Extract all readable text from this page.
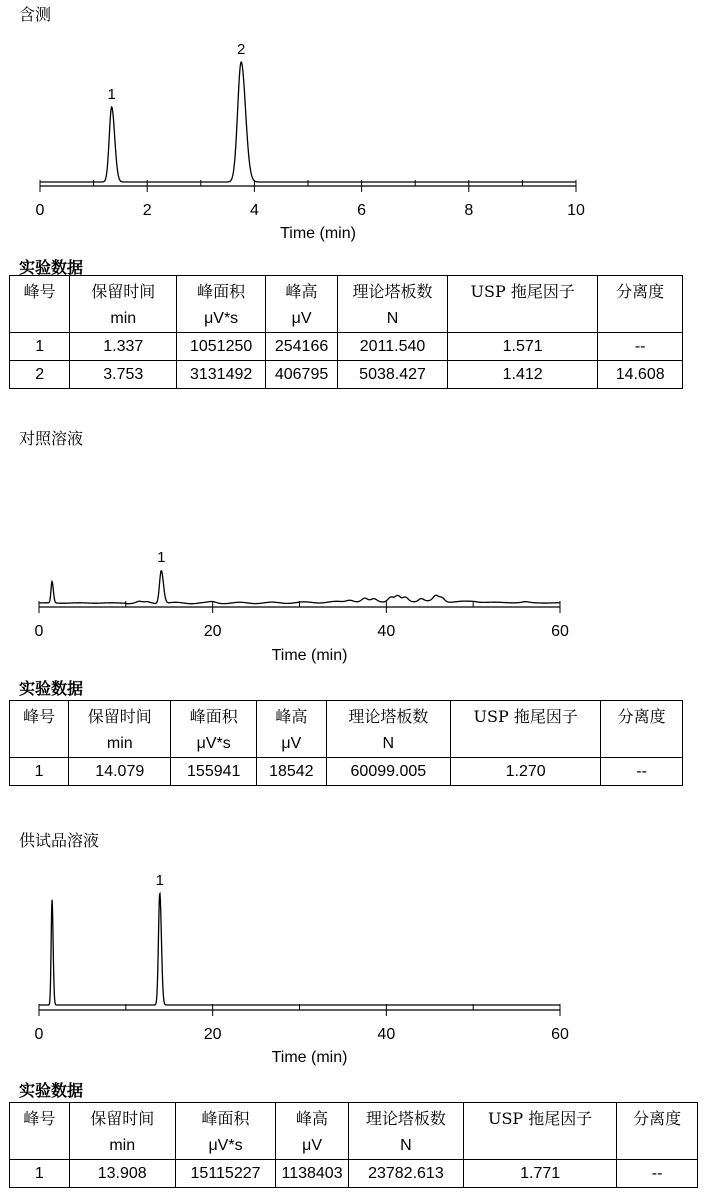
含测
1
2
0	2	4	6	8	10
Time (min)
实验数据
峰号	保留时间	峰面积	峰高	理论塔板数	USP 拖尾因子	分离度
	min	μV*s	μV	N		
1	1.337	1051250	254166	2011.540	1.571	--
2	3.753	3131492	406795	5038.427	1.412	14.608
对照溶液
1
0	20	40	60
Time (min)
实验数据
峰号	保留时间	峰面积	峰高	理论塔板数	USP 拖尾因子	分离度
	min	μV*s	μV	N		
1	14.079	155941	18542	60099.005	1.270	--
供试品溶液
1
0	20	40	60
Time (min)
实验数据
峰号	保留时间	峰面积	峰高	理论塔板数	USP 拖尾因子	分离度
	min	μV*s	μV	N		
1	13.908	15115227	1138403	23782.613	1.771	--
